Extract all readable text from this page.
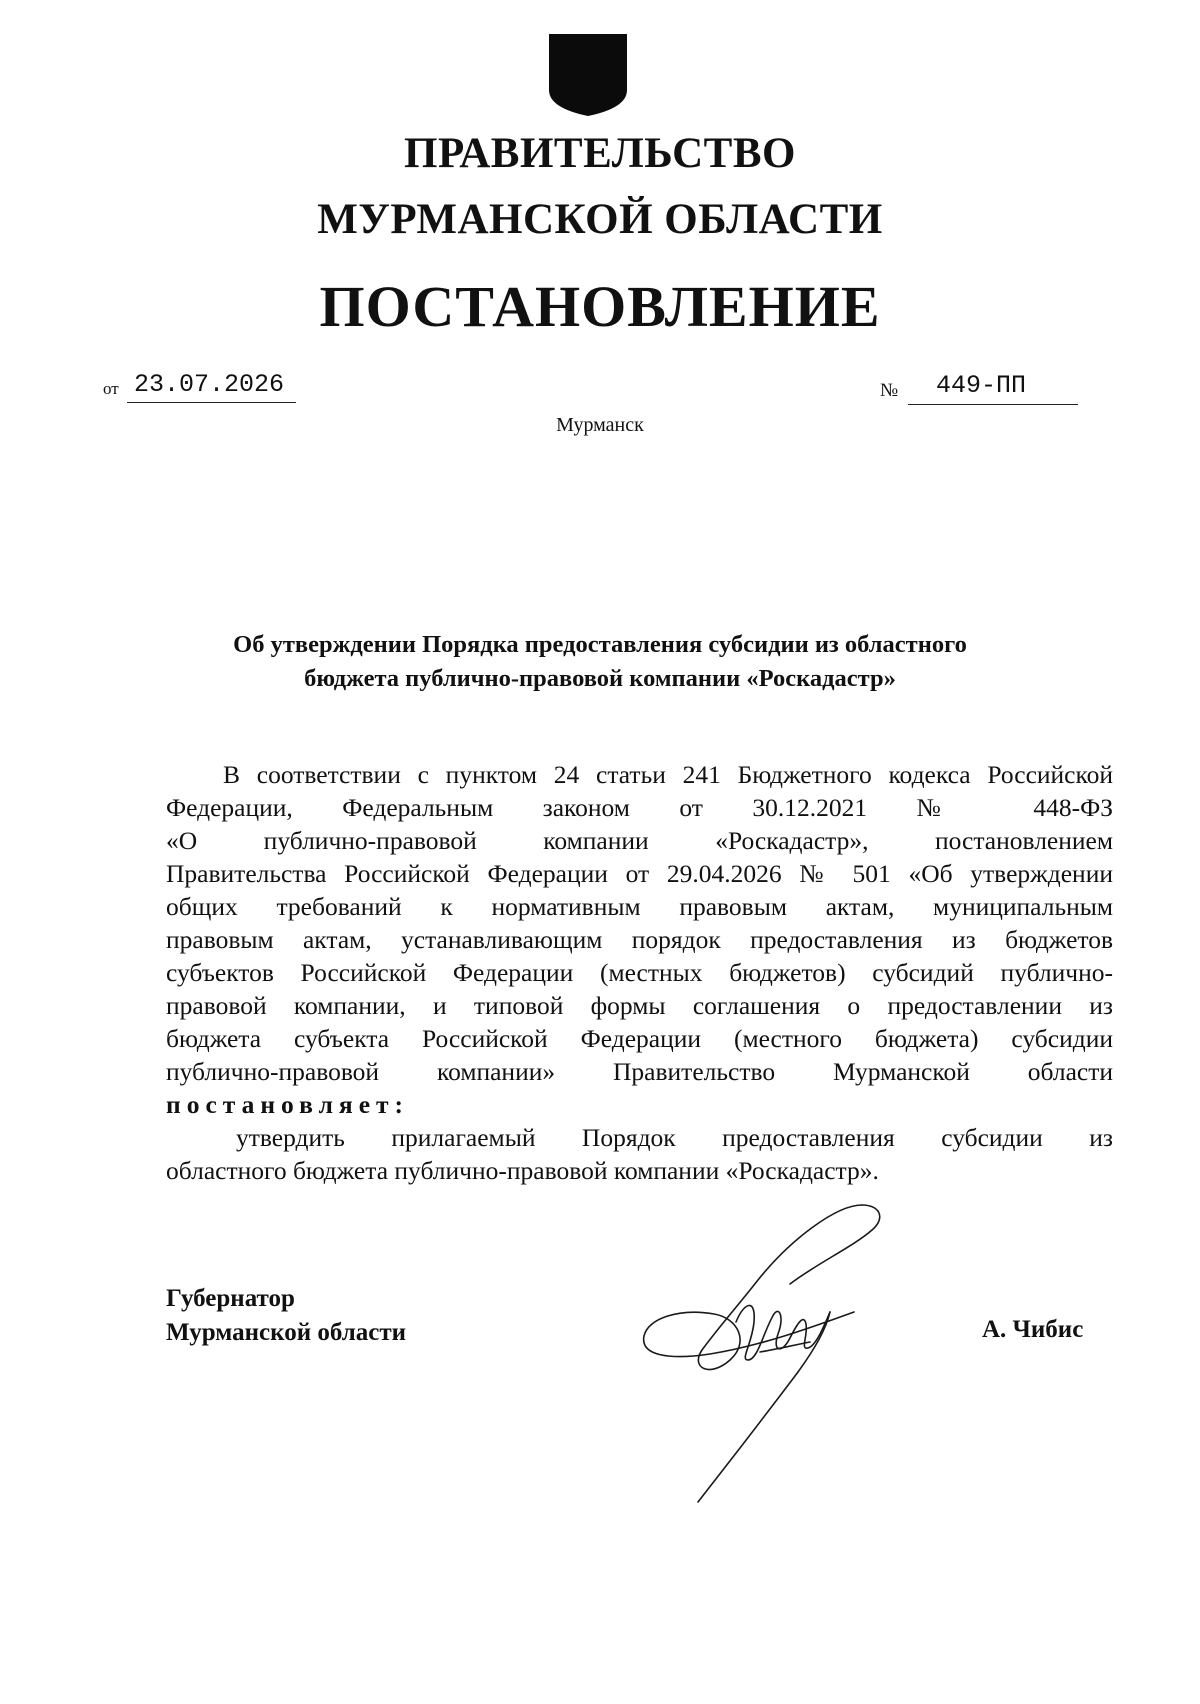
ПРАВИТЕЛЬСТВО
МУРМАНСКОЙ ОБЛАСТИ
ПОСТАНОВЛЕНИЕ
от 23.07.2026	№ 449-ПП
Мурманск
Об утверждении Порядка предоставления субсидии из областного
бюджета публично-правовой компании «Роскадастр»
В соответствии с пунктом 24 статьи 241 Бюджетного кодекса Российской
Федерации, Федеральным законом от 30.12.2021 № 448-ФЗ
«О публично-правовой компании «Роскадастр», постановлением
Правительства Российской Федерации от 29.04.2026 № 501 «Об утверждении
общих требований к нормативным правовым актам, муниципальным
правовым актам, устанавливающим порядок предоставления из бюджетов
субъектов Российской Федерации (местных бюджетов) субсидий публично-
правовой компании, и типовой формы соглашения о предоставлении из
бюджета субъекта Российской Федерации (местного бюджета) субсидии
публично-правовой компании» Правительство Мурманской области
постановляет:
утвердить прилагаемый Порядок предоставления субсидии из
областного бюджета публично-правовой компании «Роскадастр».
Губернатор
Мурманской области	А. Чибис
